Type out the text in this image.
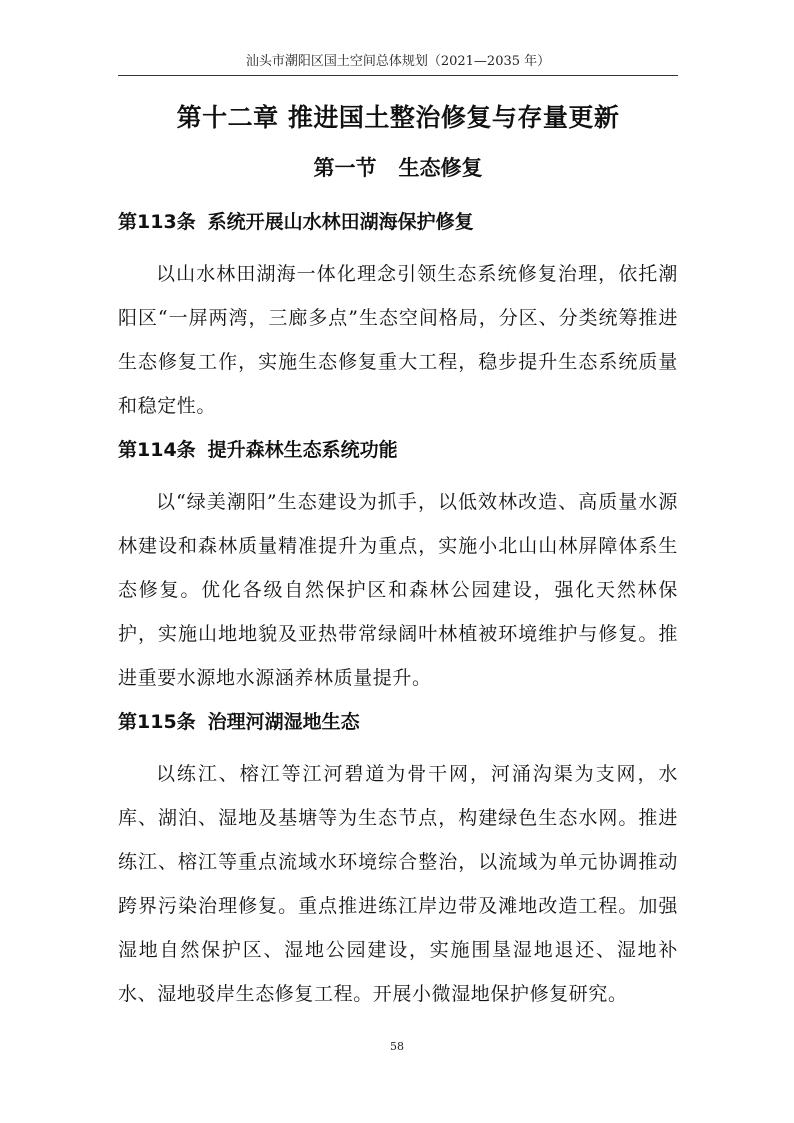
汕头市潮阳区国土空间总体规划（2021—2035 年）
第十二章 推进国土整治修复与存量更新
第一节 生态修复
第113条 系统开展山水林田湖海保护修复

以山水林田湖海一体化理念引领生态系统修复治理，依托潮阳区“一屏两湾，三廊多点”生态空间格局，分区、分类统筹推进生态修复工作，实施生态修复重大工程，稳步提升生态系统质量和稳定性。

第114条 提升森林生态系统功能

以“绿美潮阳”生态建设为抓手，以低效林改造、高质量水源林建设和森林质量精准提升为重点，实施小北山山林屏障体系生态修复。优化各级自然保护区和森林公园建设，强化天然林保护，实施山地地貌及亚热带常绿阔叶林植被环境维护与修复。推进重要水源地水源涵养林质量提升。

第115条 治理河湖湿地生态

以练江、榕江等江河碧道为骨干网，河涌沟渠为支网，水库、湖泊、湿地及基塘等为生态节点，构建绿色生态水网。推进练江、榕江等重点流域水环境综合整治，以流域为单元协调推动跨界污染治理修复。重点推进练江岸边带及滩地改造工程。加强湿地自然保护区、湿地公园建设，实施围垦湿地退还、湿地补水、湿地驳岸生态修复工程。开展小微湿地保护修复研究。

58
